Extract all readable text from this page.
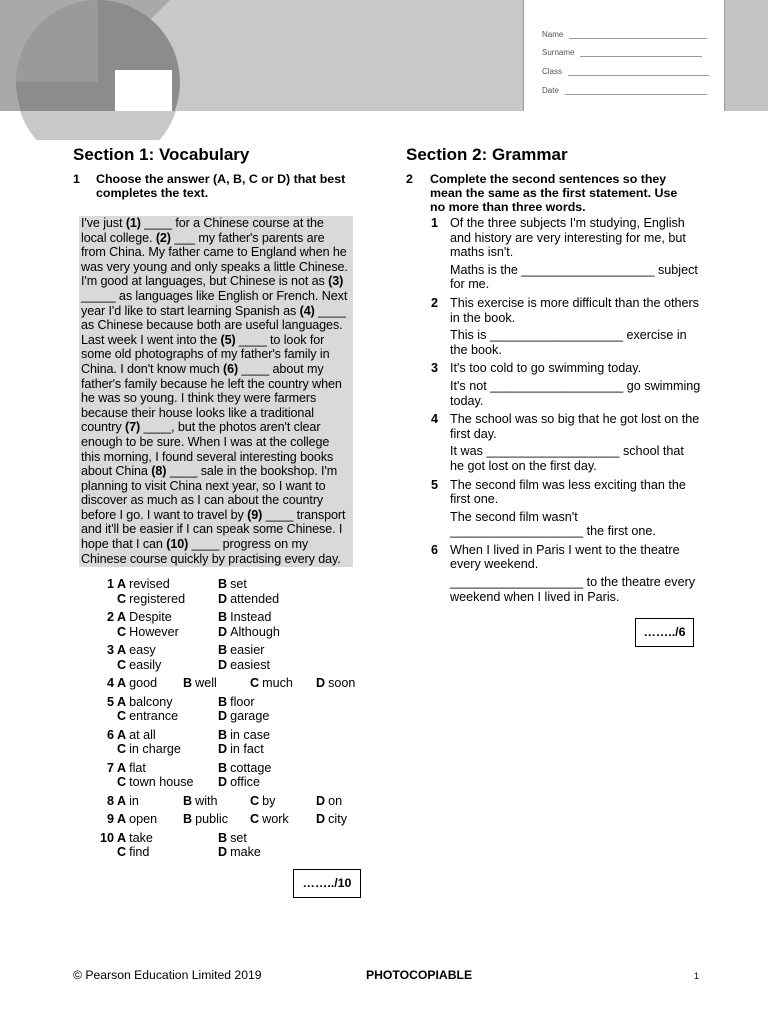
Name
Surname
Class
Date
Section 1: Vocabulary
1 Choose the answer (A, B, C or D) that best completes the text.

I've just (1) ____ for a Chinese course at the

local college. (2) ___ my father's parents are

from China. My father came to England when he

was very young and only speaks a little Chinese.

I'm good at languages, but Chinese is not as (3)

_____ as languages like English or French. Next

year I'd like to start learning Spanish as (4) ____

as Chinese because both are useful languages.

Last week I went into the (5) ____ to look for

some old photographs of my father's family in

China. I don't know much (6) ____ about my

father's family because he left the country when

he was so young. I think they were farmers

because their house looks like a traditional

country (7) ____, but the photos aren't clear

enough to be sure. When I was at the college

this morning, I found several interesting books

about China (8) ____ sale in the bookshop. I'm

planning to visit China next year, so I want to

discover as much as I can about the country

before I go. I want to travel by (9) ____ transport

and it'll be easier if I can speak some Chinese. I

hope that I can (10) ____ progress on my

Chinese course quickly by practising every day.

1 A revised	B set
C registered	D attended
2 A Despite	B Instead
C However	D Although
3 A easy	B easier
C easily	D easiest
4 A good B well	C much D soon
5 A balcony	B floor
C entrance	D garage
6 A at all	B in case
C in charge	D in fact
7 A flat	B cottage
C town house D office
8 A in	B with	C by	D on
9 A open B public C work D city
10 A take	B set
C find	D make
……../10
Section 2: Grammar
2 Complete the second sentences so they mean the same as the first statement. Use no more than three words.
1 Of the three subjects I'm studying, English and history are very interesting for me, but maths isn't.

Maths is the ___________________ subject for me.

2 This exercise is more difficult than the others in the book.

This is ___________________ exercise in the book.

3 It's too cold to go swimming today.

It's not ___________________ go swimming today.

4 The school was so big that he got lost on the first day.

It was ___________________ school that he got lost on the first day.

5 The second film was less exciting than the first one.

The second film wasn't ___________________ the first one.

6 When I lived in Paris I went to the theatre every weekend.

___________________ to the theatre every weekend when I lived in Paris.

……../6
© Pearson Education Limited 2019	PHOTOCOPIABLE	1
